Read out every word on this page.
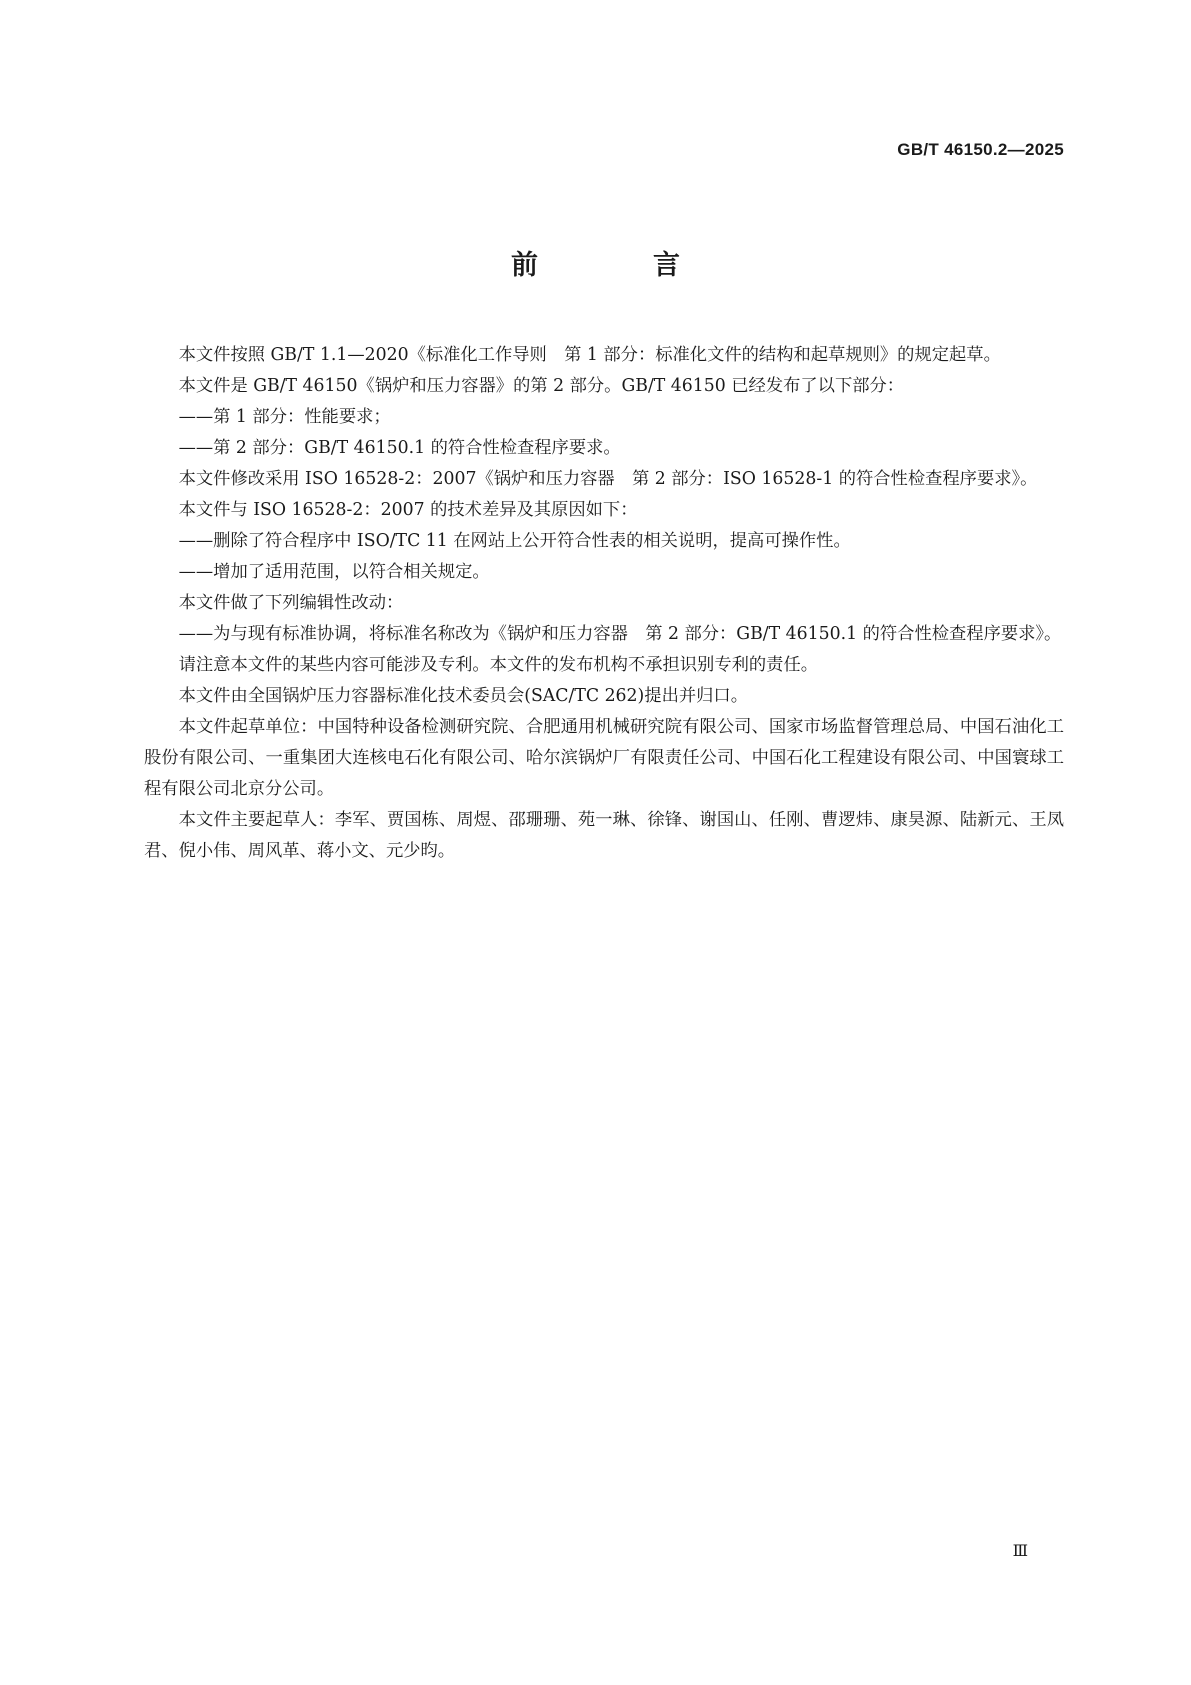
GB/T 46150.2—2025
前　言

本文件按照 GB/T 1.1—2020《标准化工作导则　第 1 部分：标准化文件的结构和起草规则》的规定起草。

本文件是 GB/T 46150《锅炉和压力容器》的第 2 部分。GB/T 46150 已经发布了以下部分：

——第 1 部分：性能要求；

——第 2 部分：GB/T 46150.1 的符合性检查程序要求。

本文件修改采用 ISO 16528-2：2007《锅炉和压力容器　第 2 部分：ISO 16528-1 的符合性检查程序要求》。

本文件与 ISO 16528-2：2007 的技术差异及其原因如下：

——删除了符合程序中 ISO/TC 11 在网站上公开符合性表的相关说明，提高可操作性。

——增加了适用范围，以符合相关规定。

本文件做了下列编辑性改动：

——为与现有标准协调，将标准名称改为《锅炉和压力容器　第 2 部分：GB/T 46150.1 的符合性检查程序要求》。

请注意本文件的某些内容可能涉及专利。本文件的发布机构不承担识别专利的责任。

本文件由全国锅炉压力容器标准化技术委员会(SAC/TC 262)提出并归口。

本文件起草单位：中国特种设备检测研究院、合肥通用机械研究院有限公司、国家市场监督管理总局、中国石油化工股份有限公司、一重集团大连核电石化有限公司、哈尔滨锅炉厂有限责任公司、中国石化工程建设有限公司、中国寰球工程有限公司北京分公司。

本文件主要起草人：李军、贾国栋、周煜、邵珊珊、苑一琳、徐锋、谢国山、任刚、曹逻炜、康昊源、陆新元、王凤君、倪小伟、周风革、蒋小文、元少昀。

Ⅲ
